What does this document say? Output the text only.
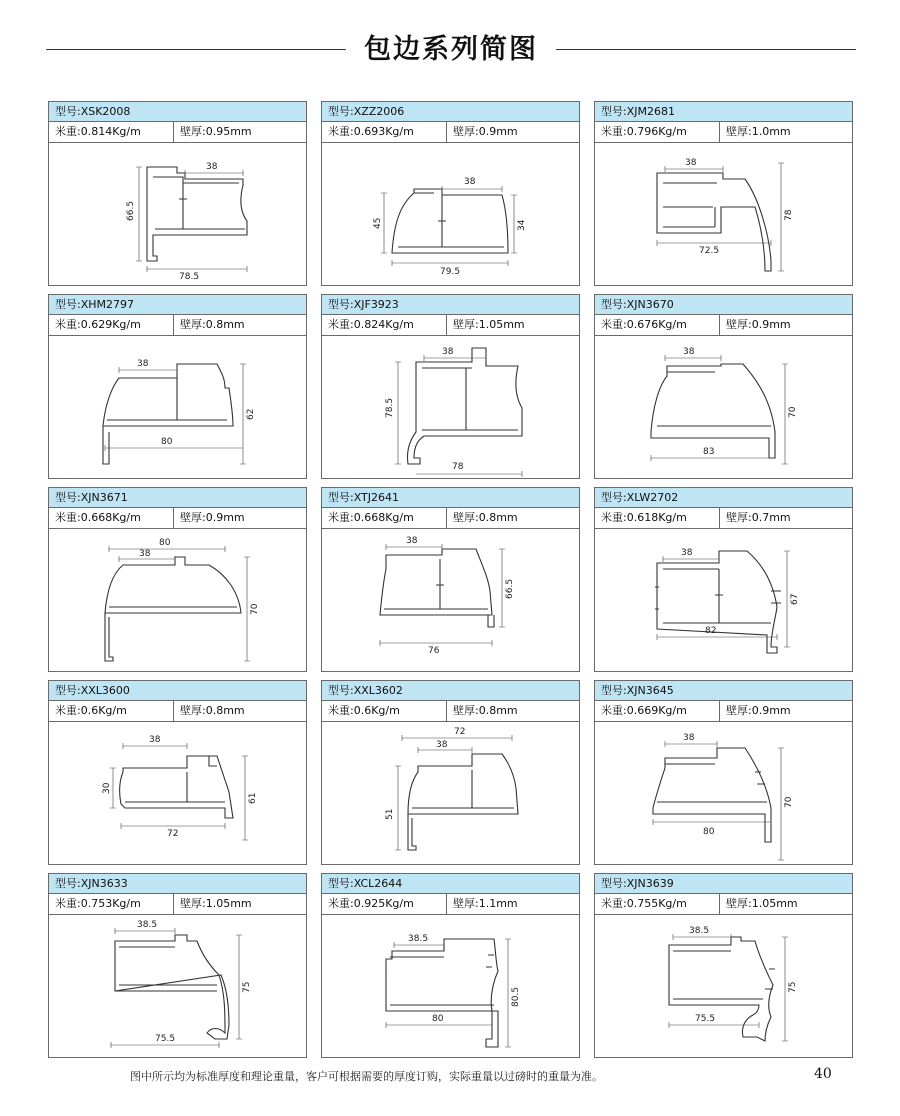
包边系列简图
型号:XSK2008
米重:0.814Kg/m	壁厚:0.95mm
38
66.5
78.5
型号:XZZ2006
米重:0.693Kg/m	壁厚:0.9mm
38
45	34
79.5
型号:XJM2681
米重:0.796Kg/m	壁厚:1.0mm
38
78
72.5
型号:XHM2797
米重:0.629Kg/m	壁厚:0.8mm
38
62
80
型号:XJF3923
米重:0.824Kg/m	壁厚:1.05mm
38
78.5
78
型号:XJN3670
米重:0.676Kg/m	壁厚:0.9mm
38
70
83
型号:XJN3671
米重:0.668Kg/m	壁厚:0.9mm
80
38
70
型号:XTJ2641
米重:0.668Kg/m	壁厚:0.8mm
38
66.5
76
型号:XLW2702
米重:0.618Kg/m	壁厚:0.7mm
38
67
82
型号:XXL3600
米重:0.6Kg/m	壁厚:0.8mm
38
30
61
72
型号:XXL3602
米重:0.6Kg/m	壁厚:0.8mm
72
38
51
型号:XJN3645
米重:0.669Kg/m	壁厚:0.9mm
38
70
80
型号:XJN3633
米重:0.753Kg/m	壁厚:1.05mm
38.5
75
75.5
型号:XCL2644
米重:0.925Kg/m	壁厚:1.1mm
38.5
80.5
80
型号:XJN3639
米重:0.755Kg/m	壁厚:1.05mm
38.5
75
75.5
图中所示均为标准厚度和理论重量，客户可根据需要的厚度订购，实际重量以过磅时的重量为准。	40
